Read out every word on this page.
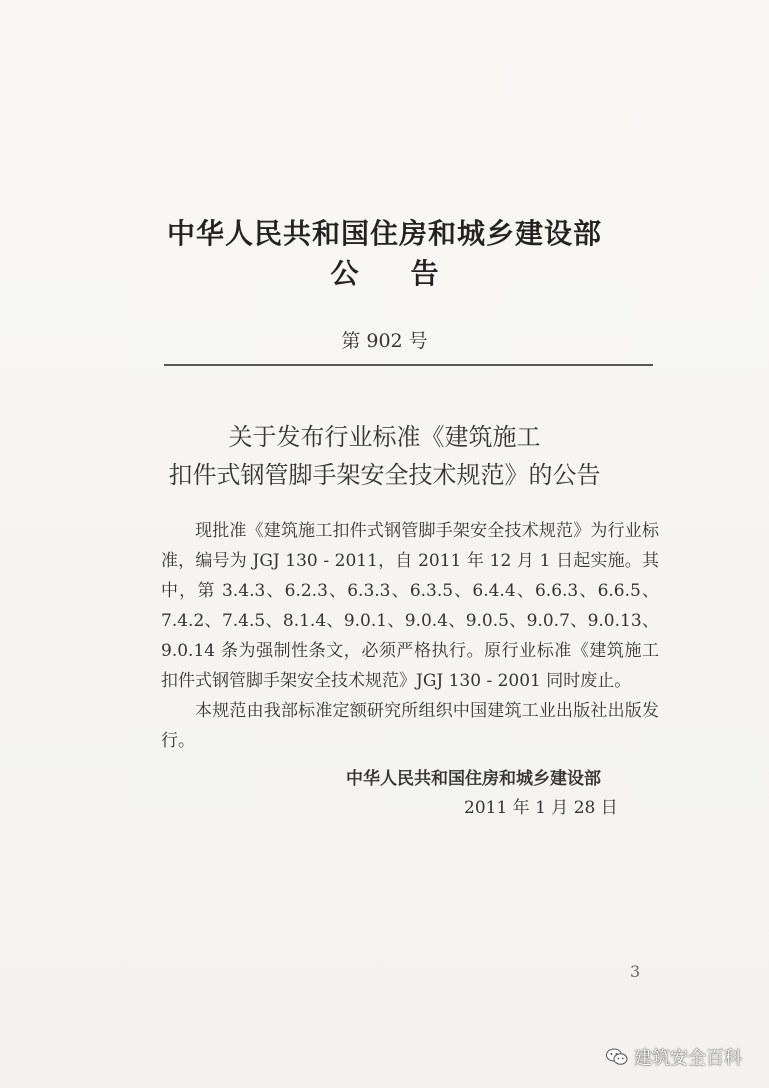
中华人民共和国住房和城乡建设部
公告
第 902 号
关于发布行业标准《建筑施工
扣件式钢管脚手架安全技术规范》的公告

现批准《建筑施工扣件式钢管脚手架安全技术规范》为行业标准，编号为 JGJ 130 - 2011，自 2011 年 12 月 1 日起实施。其中，第 3.4.3、6.2.3、6.3.3、6.3.5、6.4.4、6.6.3、6.6.5、7.4.2、7.4.5、8.1.4、9.0.1、9.0.4、9.0.5、9.0.7、9.0.13、9.0.14 条为强制性条文，必须严格执行。原行业标准《建筑施工扣件式钢管脚手架安全技术规范》JGJ 130 - 2001 同时废止。

本规范由我部标准定额研究所组织中国建筑工业出版社出版发行。

中华人民共和国住房和城乡建设部
2011 年 1 月 28 日
3
建筑安全百科
